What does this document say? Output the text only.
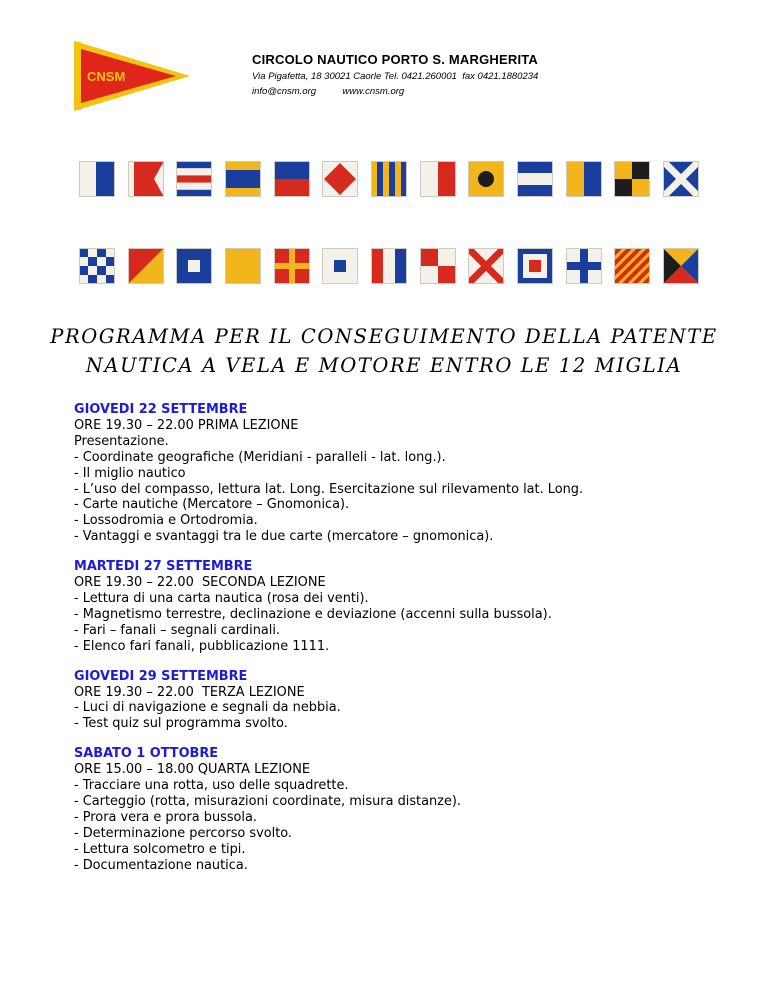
CNSM

CIRCOLO NAUTICO PORTO S. MARGHERITA

Via Pigafetta, 18 30021 Caorle Tel. 0421.260001  fax 0421.1880234

info@cnsm.org          www.cnsm.org

PROGRAMMA PER IL CONSEGUIMENTO DELLA PATENTE
NAUTICA A VELA E MOTORE ENTRO LE 12 MIGLIA
GIOVEDI 22 SETTEMBRE
ORE 19.30 – 22.00 PRIMA LEZIONE
Presentazione.
- Coordinate geografiche (Meridiani - paralleli - lat. long.).
- Il miglio nautico
- L’uso del compasso, lettura lat. Long. Esercitazione sul rilevamento lat. Long.
- Carte nautiche (Mercatore – Gnomonica).
- Lossodromia e Ortodromia.
- Vantaggi e svantaggi tra le due carte (mercatore – gnomonica).
MARTEDI 27 SETTEMBRE
ORE 19.30 – 22.00  SECONDA LEZIONE
- Lettura di una carta nautica (rosa dei venti).
- Magnetismo terrestre, declinazione e deviazione (accenni sulla bussola).
- Fari – fanali – segnali cardinali.
- Elenco fari fanali, pubblicazione 1111.
GIOVEDI 29 SETTEMBRE
ORE 19.30 – 22.00  TERZA LEZIONE
- Luci di navigazione e segnali da nebbia.
- Test quiz sul programma svolto.
SABATO 1 OTTOBRE
ORE 15.00 – 18.00 QUARTA LEZIONE
- Tracciare una rotta, uso delle squadrette.
- Carteggio (rotta, misurazioni coordinate, misura distanze).
- Prora vera e prora bussola.
- Determinazione percorso svolto.
- Lettura solcometro e tipi.
- Documentazione nautica.
